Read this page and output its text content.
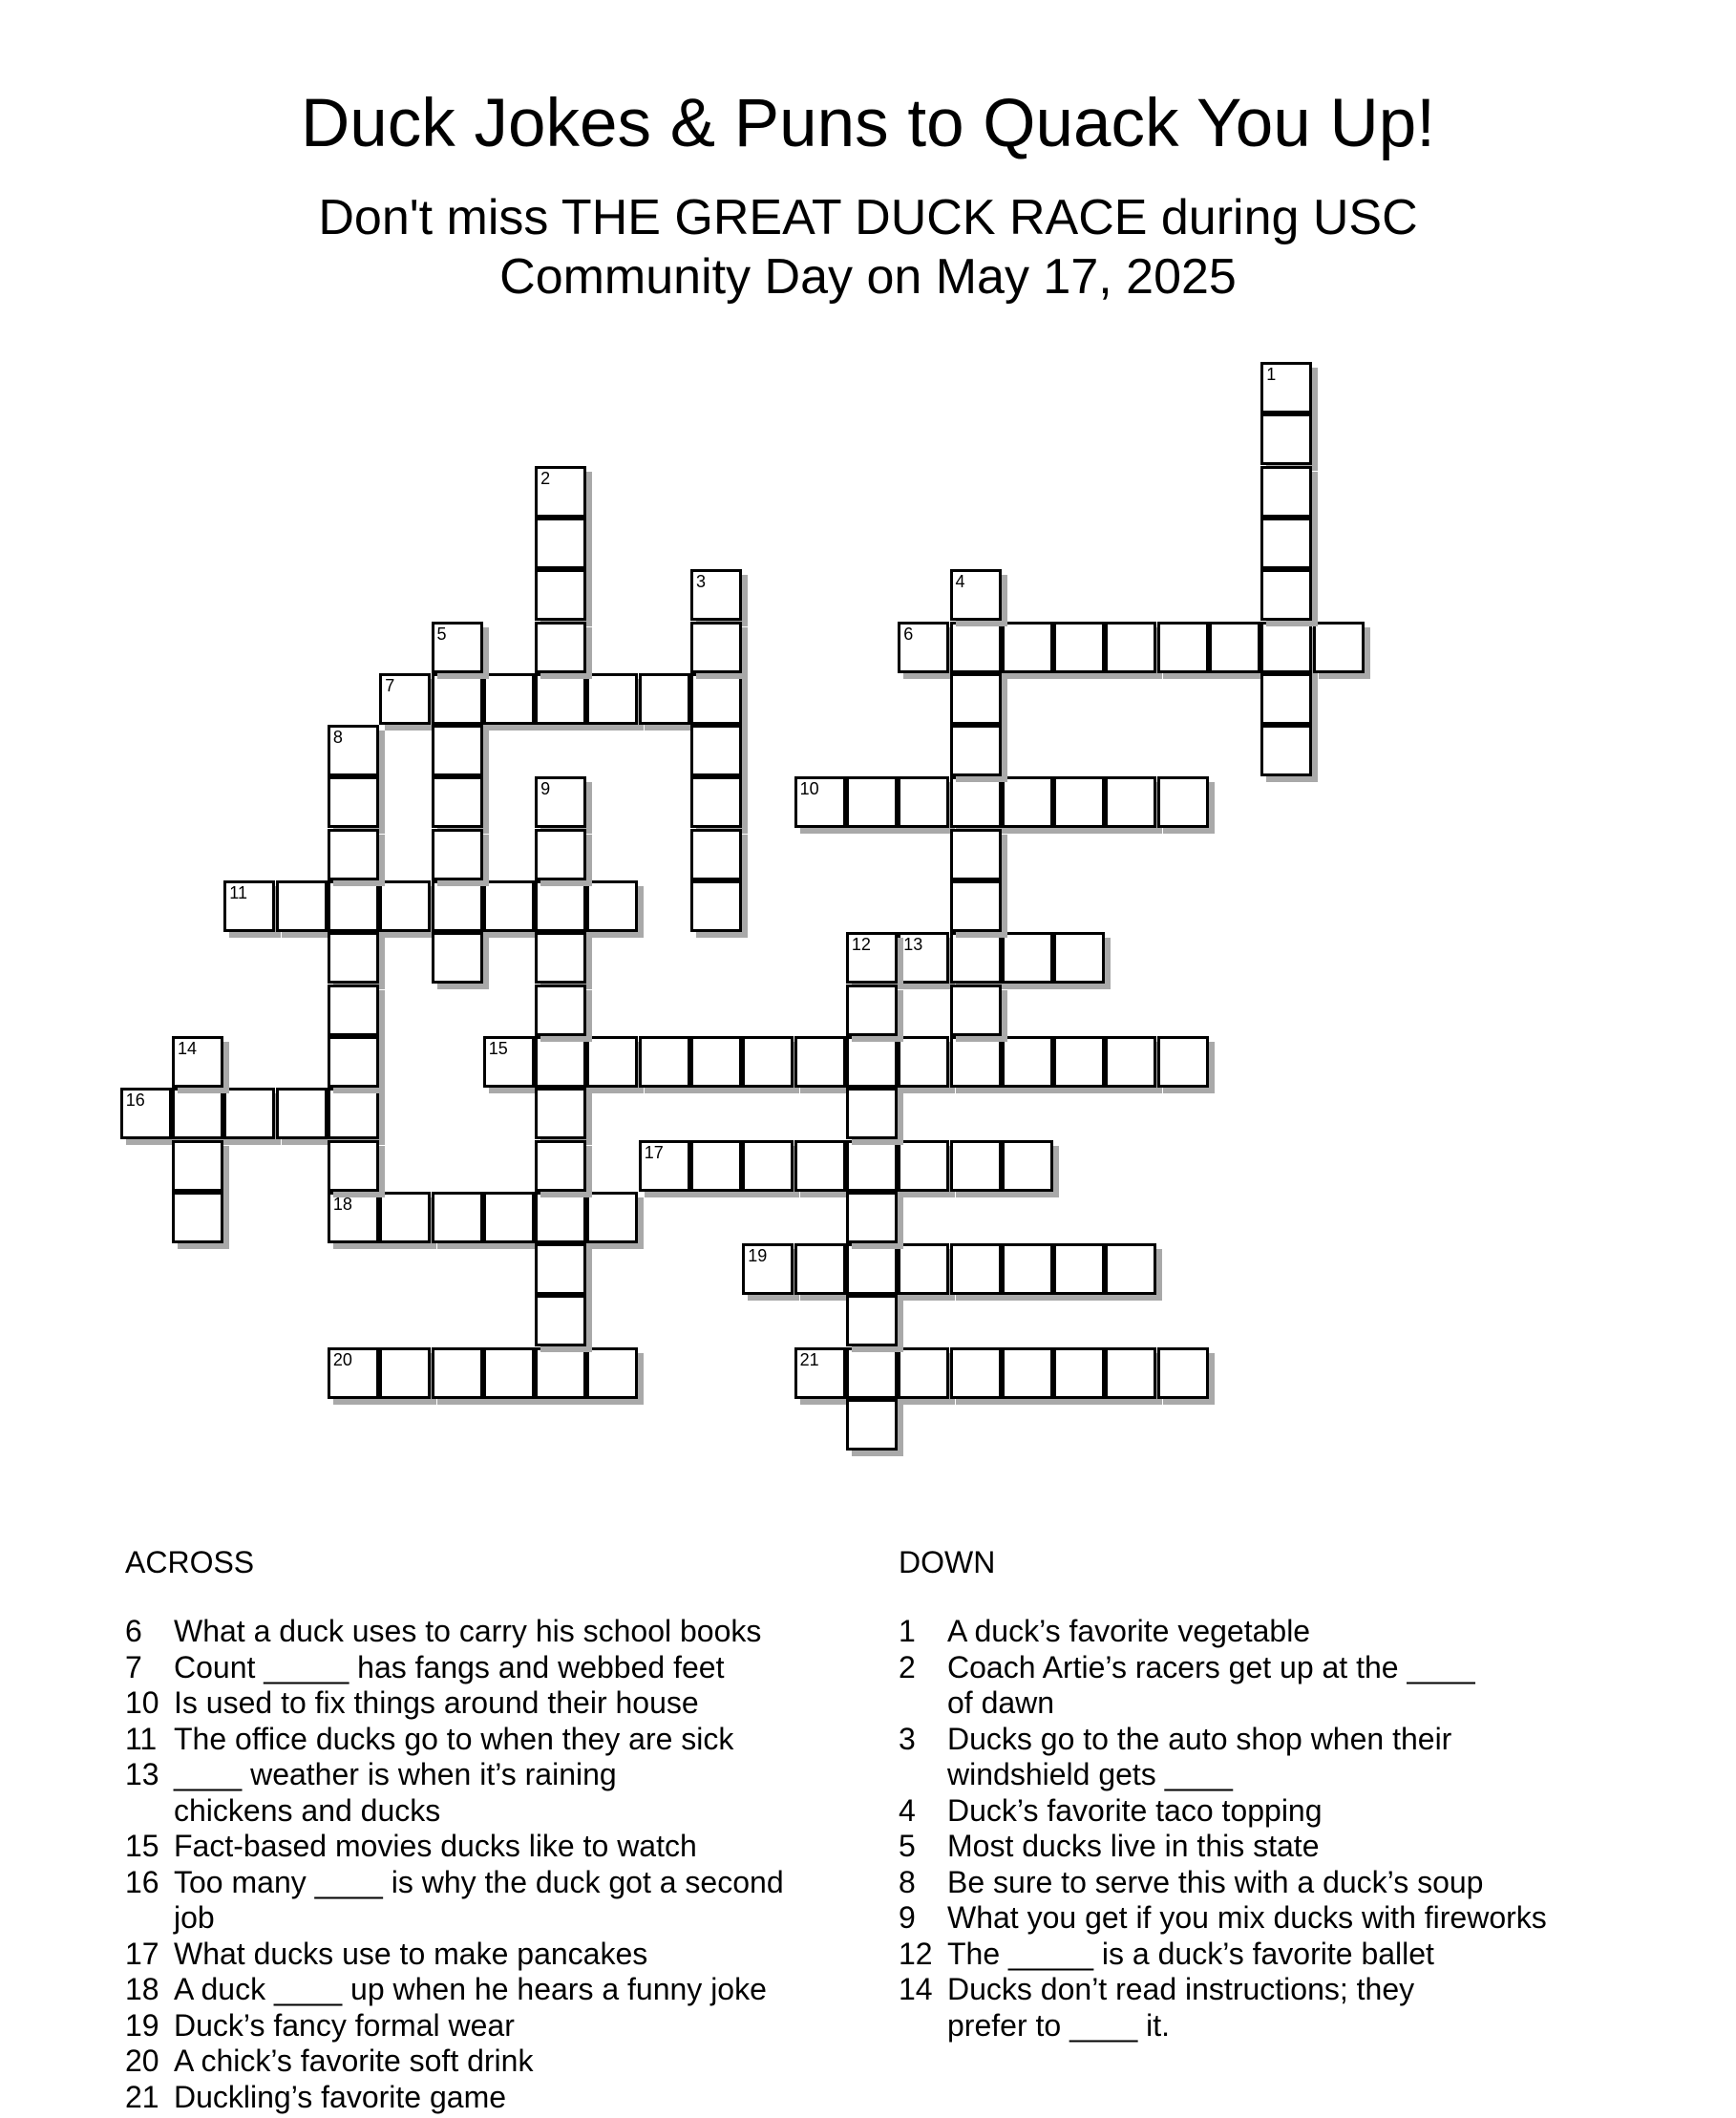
Duck Jokes & Puns to Quack You Up!

Don't miss THE GREAT DUCK RACE during USC

Community Day on May 17, 2025

6
7
10
11
13
15
16
17
18
19
20	21
1
2
3	4
5
8
9
12
14
ACROSS
6	What a duck uses to carry his school books
7	Count _____ has fangs and webbed feet
10 Is used to fix things around their house
11 The office ducks go to when they are sick
13 ____ weather is when it’s raining
chickens and ducks
15 Fact-based movies ducks like to watch
16 Too many ____ is why the duck got a second
job
17 What ducks use to make pancakes
18 A duck ____ up when he hears a funny joke
19 Duck’s fancy formal wear
20 A chick’s favorite soft drink
21 Duckling’s favorite game
DOWN
1	A duck’s favorite vegetable
2	Coach Artie’s racers get up at the ____
of dawn
3	Ducks go to the auto shop when their
windshield gets ____
4	Duck’s favorite taco topping
5	Most ducks live in this state
8	Be sure to serve this with a duck’s soup
9	What you get if you mix ducks with fireworks
12 The _____ is a duck’s favorite ballet
14 Ducks don’t read instructions; they
prefer to ____ it.
